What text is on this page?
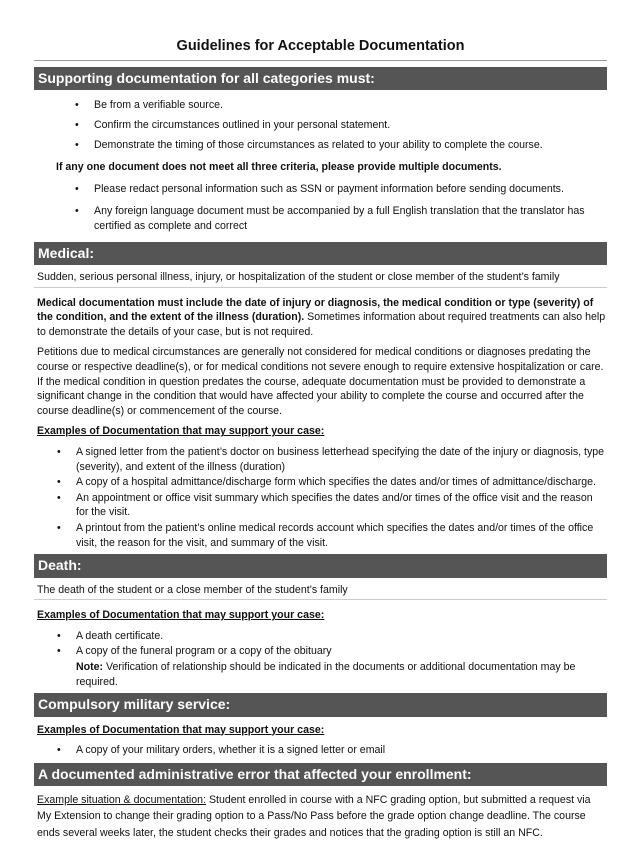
Guidelines for Acceptable Documentation
Supporting documentation for all categories must:
• Be from a verifiable source.
• Confirm the circumstances outlined in your personal statement.
• Demonstrate the timing of those circumstances as related to your ability to complete the course.

If any one document does not meet all three criteria, please provide multiple documents.

• Please redact personal information such as SSN or payment information before sending documents.
• Any foreign language document must be accompanied by a full English translation that the translator has certified as complete and correct
Medical:

Sudden, serious personal illness, injury, or hospitalization of the student or close member of the student’s family

Medical documentation must include the date of injury or diagnosis, the medical condition or type (severity) of the condition, and the extent of the illness (duration). Sometimes information about required treatments can also help to demonstrate the details of your case, but is not required.

Petitions due to medical circumstances are generally not considered for medical conditions or diagnoses predating the course or respective deadline(s), or for medical conditions not severe enough to require extensive hospitalization or care. If the medical condition in question predates the course, adequate documentation must be provided to demonstrate a significant change in the condition that would have affected your ability to complete the course and occurred after the course deadline(s) or commencement of the course.

Examples of Documentation that may support your case:

• A signed letter from the patient’s doctor on business letterhead specifying the date of the injury or diagnosis, type (severity), and extent of the illness (duration)
• A copy of a hospital admittance/discharge form which specifies the dates and/or times of admittance/discharge.
• An appointment or office visit summary which specifies the dates and/or times of the office visit and the reason for the visit.
• A printout from the patient’s online medical records account which specifies the dates and/or times of the office visit, the reason for the visit, and summary of the visit.
Death:

The death of the student or a close member of the student’s family

Examples of Documentation that may support your case:

• A death certificate.
• A copy of the funeral program or a copy of the obituary

Note: Verification of relationship should be indicated in the documents or additional documentation may be required.

Compulsory military service:

Examples of Documentation that may support your case:

• A copy of your military orders, whether it is a signed letter or email
A documented administrative error that affected your enrollment:

Example situation & documentation: Student enrolled in course with a NFC grading option, but submitted a request via My Extension to change their grading option to a Pass/No Pass before the grade option change deadline. The course ends several weeks later, the student checks their grades and notices that the grading option is still an NFC.
